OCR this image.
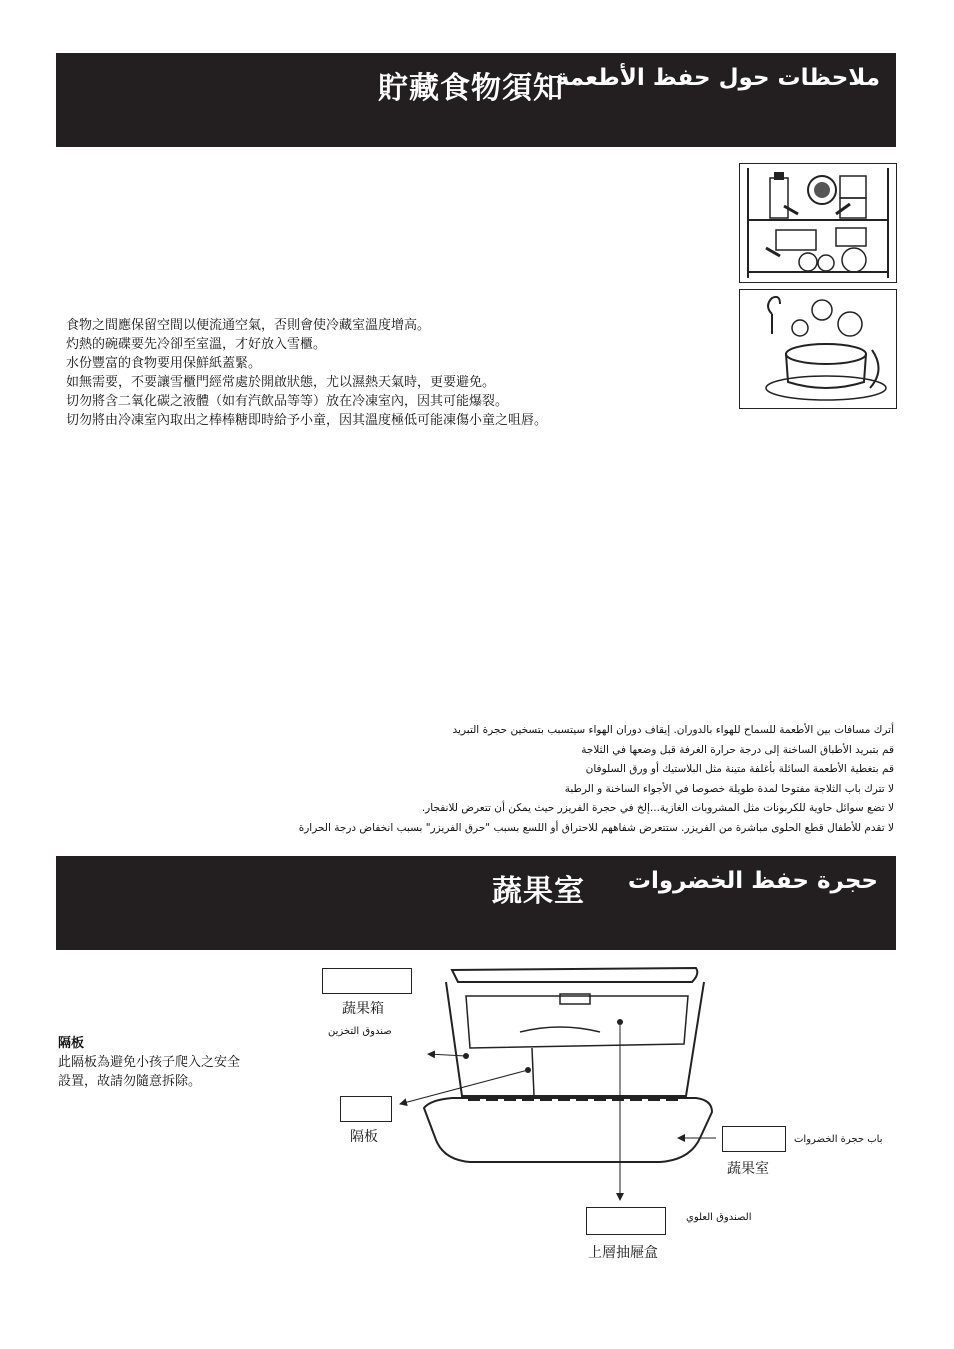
貯藏食物須知
ملاحظات حول حفظ الأطعمة
食物之間應保留空間以便流通空氣，否則會使冷藏室溫度增高。
灼熱的碗碟要先冷卻至室溫，才好放入雪櫃。
水份豐富的食物要用保鮮紙蓋緊。
如無需要，不要讓雪櫃門經常處於開啟狀態，尤以濕熱天氣時，更要避免。
切勿將含二氧化碳之液體（如有汽飲品等等）放在冷凍室內，因其可能爆裂。
切勿將由冷凍室內取出之棒棒糖即時給予小童，因其溫度極低可能凍傷小童之咀唇。
أترك مسافات بين الأطعمة للسماح للهواء بالدوران. إيقاف دوران الهواء سيتسبب بتسخين حجرة التبريد
قم بتبريد الأطباق الساخنة إلى درجة حرارة الغرفة قبل وضعها في الثلاجة
قم بتغطية الأطعمة السائلة بأغلفة متينة مثل البلاستيك أو ورق السلوفان
لا تترك باب الثلاجة مفتوحا لمدة طويلة خصوصا في الأجواء الساخنة و الرطبة
لا تضع سوائل حاوية للكربونات مثل المشروبات الغازية...إلخ في حجرة الفريزر حيث يمكن أن تتعرض للانفجار.
لا تقدم للأطفال قطع الحلوى مباشرة من الفريزر. ستتعرض شفاههم للاحتراق أو اللسع بسبب "حرق الفريزر" بسبب انخفاض درجة الحرارة
蔬果室 حجرة حفظ الخضروات
隔板
此隔板為避免小孩子爬入之安全
設置，故請勿隨意拆除。
蔬果箱
صندوق التخزين
隔板	باب حجرة الخضروات
蔬果室
الصندوق العلوي
上層抽屜盒
